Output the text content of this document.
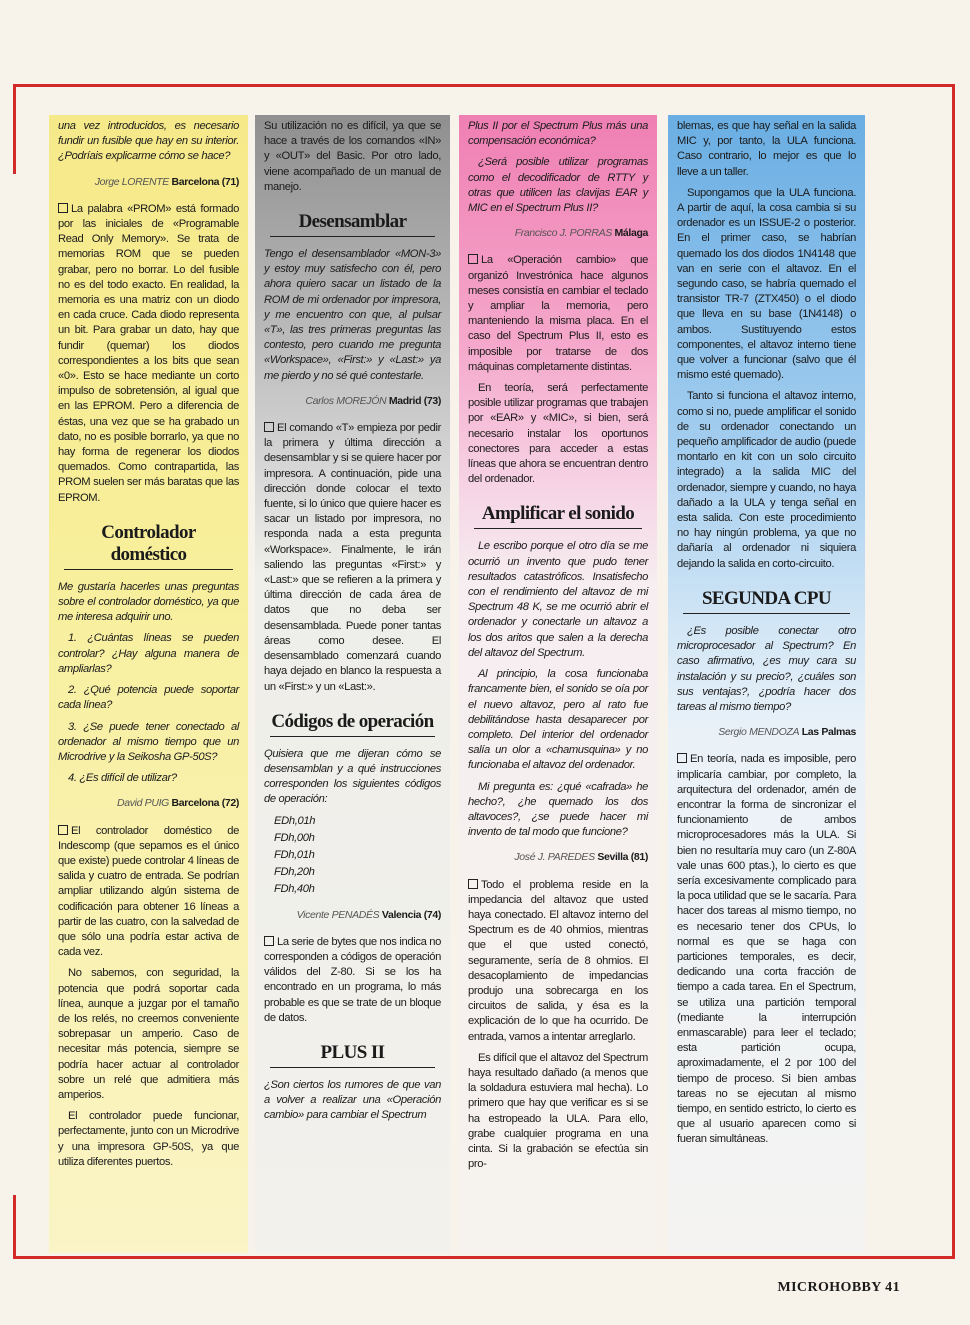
una vez introducidos, es necesario fundir un fusible que hay en su interior. ¿Podríais explicarme cómo se hace?

Jorge LORENTE Barcelona (71)

La palabra «PROM» está formado por las iniciales de «Programable Read Only Memory». Se trata de memorias ROM que se pueden grabar, pero no borrar. Lo del fusible no es del todo exacto. En realidad, la memoria es una matriz con un diodo en cada cruce. Cada diodo representa un bit. Para grabar un dato, hay que fundir (quemar) los diodos correspondientes a los bits que sean «0». Esto se hace mediante un corto impulso de sobretensión, al igual que en las EPROM. Pero a diferencia de éstas, una vez que se ha grabado un dato, no es posible borrarlo, ya que no hay forma de regenerar los diodos quemados. Como contrapartida, las PROM suelen ser más baratas que las EPROM.

Controlador doméstico

Me gustaría hacerles unas preguntas sobre el controlador doméstico, ya que me interesa adquirir uno.

1. ¿Cuántas líneas se pueden controlar? ¿Hay alguna manera de ampliarlas?

2. ¿Qué potencia puede soportar cada línea?

3. ¿Se puede tener conectado al ordenador al mismo tiempo que un Microdrive y la Seikosha GP-50S?

4. ¿Es difícil de utilizar?

David PUIG Barcelona (72)

El controlador doméstico de Indescomp (que sepamos es el único que existe) puede controlar 4 líneas de salida y cuatro de entrada. Se podrían ampliar utilizando algún sistema de codificación para obtener 16 líneas a partir de las cuatro, con la salvedad de que sólo una podría estar activa de cada vez.

No sabemos, con seguridad, la potencia que podrá soportar cada línea, aunque a juzgar por el tamaño de los relés, no creemos conveniente sobrepasar un amperio. Caso de necesitar más potencia, siempre se podría hacer actuar al controlador sobre un relé que admitiera más amperios.

El controlador puede funcionar, perfectamente, junto con un Microdrive y una impresora GP-50S, ya que utiliza diferentes puertos.

Su utilización no es difícil, ya que se hace a través de los comandos «IN» y «OUT» del Basic. Por otro lado, viene acompañado de un manual de manejo.

Desensamblar

Tengo el desensamblador «MON-3» y estoy muy satisfecho con él, pero ahora quiero sacar un listado de la ROM de mi ordenador por impresora, y me encuentro con que, al pulsar «T», las tres primeras preguntas las contesto, pero cuando me pregunta «Workspace», «First:» y «Last:» ya me pierdo y no sé qué contestarle.

Carlos MOREJÓN Madrid (73)

El comando «T» empieza por pedir la primera y última dirección a desensamblar y si se quiere hacer por impresora. A continuación, pide una dirección donde colocar el texto fuente, si lo único que quiere hacer es sacar un listado por impresora, no responda nada a esta pregunta «Workspace». Finalmente, le irán saliendo las preguntas «First:» y «Last:» que se refieren a la primera y última dirección de cada área de datos que no deba ser desensamblada. Puede poner tantas áreas como desee. El desensamblado comenzará cuando haya dejado en blanco la respuesta a un «First:» y un «Last:».

Códigos de operación

Quisiera que me dijeran cómo se desensamblan y a qué instrucciones corresponden los siguientes códigos de operación:

EDh,01h

FDh,00h

FDh,01h

FDh,20h

FDh,40h

Vicente PENADÉS Valencia (74)

La serie de bytes que nos indica no corresponden a códigos de operación válidos del Z-80. Si se los ha encontrado en un programa, lo más probable es que se trate de un bloque de datos.

PLUS II

¿Son ciertos los rumores de que van a volver a realizar una «Operación cambio» para cambiar el Spectrum

Plus II por el Spectrum Plus más una compensación económica?

¿Será posible utilizar programas como el decodificador de RTTY y otras que utilicen las clavijas EAR y MIC en el Spectrum Plus II?

Francisco J. PORRAS Málaga

La «Operación cambio» que organizó Investrónica hace algunos meses consistía en cambiar el teclado y ampliar la memoria, pero manteniendo la misma placa. En el caso del Spectrum Plus II, esto es imposible por tratarse de dos máquinas completamente distintas.

En teoría, será perfectamente posible utilizar programas que trabajen por «EAR» y «MIC», si bien, será necesario instalar los oportunos conectores para acceder a estas líneas que ahora se encuentran dentro del ordenador.

Amplificar el sonido

Le escribo porque el otro día se me ocurrió un invento que pudo tener resultados catastróficos. Insatisfecho con el rendimiento del altavoz de mi Spectrum 48 K, se me ocurrió abrir el ordenador y conectarle un altavoz a los dos aritos que salen a la derecha del altavoz del Spectrum.

Al principio, la cosa funcionaba francamente bien, el sonido se oía por el nuevo altavoz, pero al rato fue debilitándose hasta desaparecer por completo. Del interior del ordenador salía un olor a «chamusquina» y no funcionaba el altavoz del ordenador.

Mi pregunta es: ¿qué «cafrada» he hecho?, ¿he quemado los dos altavoces?, ¿se puede hacer mi invento de tal modo que funcione?

José J. PAREDES Sevilla (81)

Todo el problema reside en la impedancia del altavoz que usted haya conectado. El altavoz interno del Spectrum es de 40 ohmios, mientras que el que usted conectó, seguramente, sería de 8 ohmios. El desacoplamiento de impedancias produjo una sobrecarga en los circuitos de salida, y ésa es la explicación de lo que ha ocurrido. De entrada, vamos a intentar arreglarlo.

Es difícil que el altavoz del Spectrum haya resultado dañado (a menos que la soldadura estuviera mal hecha). Lo primero que hay que verificar es si se ha estropeado la ULA. Para ello, grabe cualquier programa en una cinta. Si la grabación se efectúa sin pro-

blemas, es que hay señal en la salida MIC y, por tanto, la ULA funciona. Caso contrario, lo mejor es que lo lleve a un taller.

Supongamos que la ULA funciona. A partir de aquí, la cosa cambia si su ordenador es un ISSUE-2 o posterior. En el primer caso, se habrían quemado los dos diodos 1N4148 que van en serie con el altavoz. En el segundo caso, se habría quemado el transistor TR-7 (ZTX450) o el diodo que lleva en su base (1N4148) o ambos. Sustituyendo estos componentes, el altavoz interno tiene que volver a funcionar (salvo que él mismo esté quemado).

Tanto si funciona el altavoz interno, como si no, puede amplificar el sonido de su ordenador conectando un pequeño amplificador de audio (puede montarlo en kit con un solo circuito integrado) a la salida MIC del ordenador, siempre y cuando, no haya dañado a la ULA y tenga señal en esta salida. Con este procedimiento no hay ningún problema, ya que no dañaría al ordenador ni siquiera dejando la salida en corto-circuito.

SEGUNDA CPU

¿Es posible conectar otro microprocesador al Spectrum? En caso afirmativo, ¿es muy cara su instalación y su precio?, ¿cuáles son sus ventajas?, ¿podría hacer dos tareas al mismo tiempo?

Sergio MENDOZA Las Palmas

En teoría, nada es imposible, pero implicaría cambiar, por completo, la arquitectura del ordenador, amén de encontrar la forma de sincronizar el funcionamiento de ambos microprocesadores más la ULA. Si bien no resultaría muy caro (un Z-80A vale unas 600 ptas.), lo cierto es que sería excesivamente complicado para la poca utilidad que se le sacaría. Para hacer dos tareas al mismo tiempo, no es necesario tener dos CPUs, lo normal es que se haga con particiones temporales, es decir, dedicando una corta fracción de tiempo a cada tarea. En el Spectrum, se utiliza una partición temporal (mediante la interrupción enmascarable) para leer el teclado; esta partición ocupa, aproximadamente, el 2 por 100 del tiempo de proceso. Si bien ambas tareas no se ejecutan al mismo tiempo, en sentido estricto, lo cierto es que al usuario aparecen como si fueran simultáneas.

MICROHOBBY 41
